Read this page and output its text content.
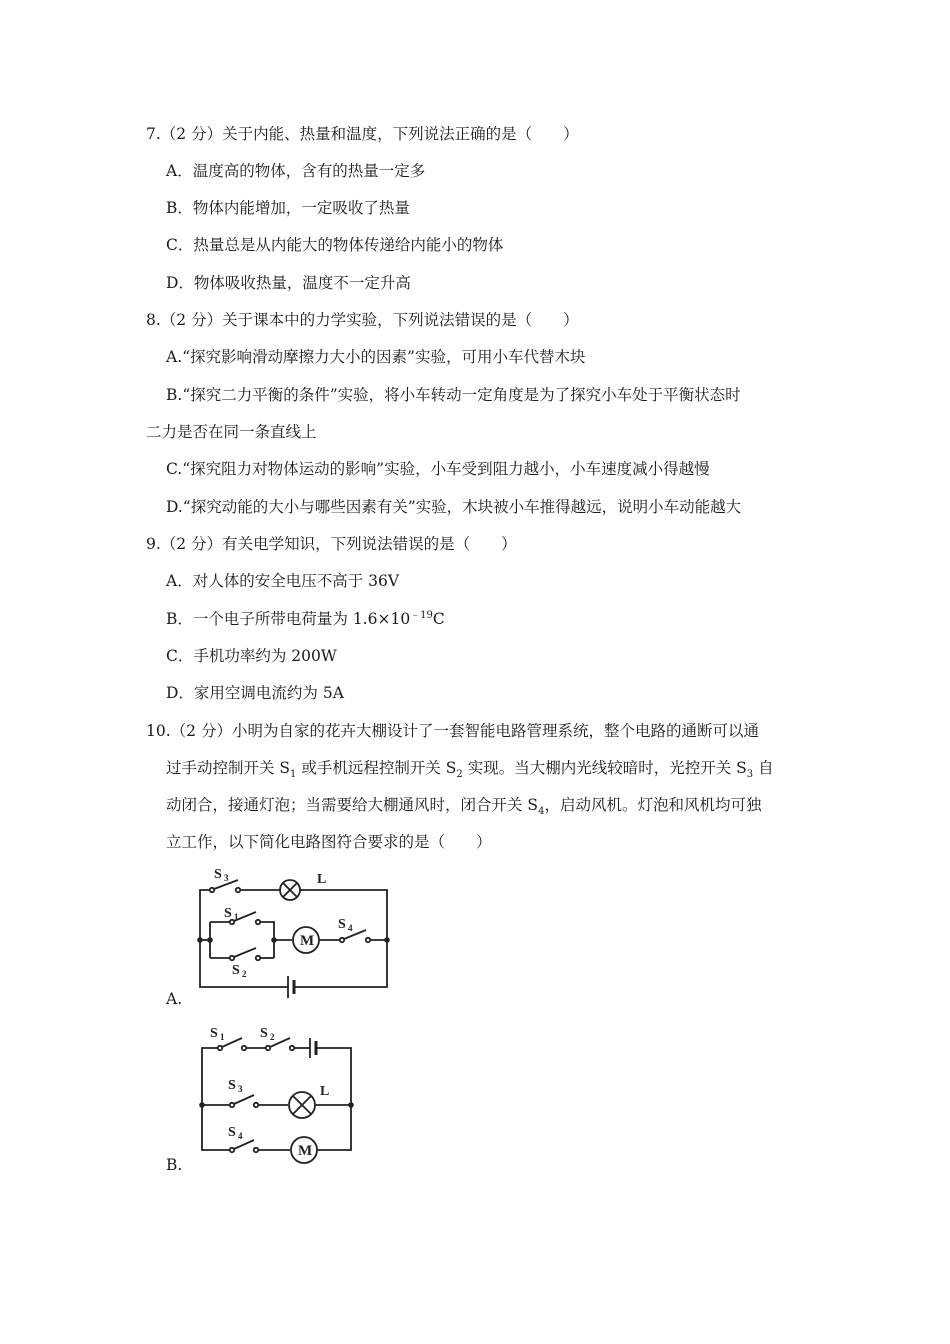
7.（2 分）关于内能、热量和温度，下列说法正确的是（　　）
A．温度高的物体，含有的热量一定多
B．物体内能增加，一定吸收了热量
C．热量总是从内能大的物体传递给内能小的物体
D．物体吸收热量，温度不一定升高
8.（2 分）关于课本中的力学实验，下列说法错误的是（　　）
A.“探究影响滑动摩擦力大小的因素”实验，可用小车代替木块
B.“探究二力平衡的条件”实验，将小车转动一定角度是为了探究小车处于平衡状态时
二力是否在同一条直线上
C.“探究阻力对物体运动的影响”实验，小车受到阻力越小，小车速度减小得越慢
D.“探究动能的大小与哪些因素有关”实验，木块被小车推得越远，说明小车动能越大
9.（2 分）有关电学知识，下列说法错误的是（　　）
A．对人体的安全电压不高于 36V
B．一个电子所带电荷量为 $1.6\times 10^{﹣19}C$
C．手机功率约为 200W
D．家用空调电流约为 5A
10.（2 分）小明为自家的花卉大棚设计了一套智能电路管理系统，整个电路的通断可以通
过手动控制开关 $S_1$ 或手机远程控制开关 $S_2$ 实现。当大棚内光线较暗时，光控开关 $S_3$ 自
动闭合，接通灯泡；当需要给大棚通风时，闭合开关 $S_4$，启动风机。灯泡和风机均可独
立工作，以下简化电路图符合要求的是（　　）
S 3	L
S 1
M
S 4
S 2
A.
S 1	S 2
S 3	L
S 4
M
B.
